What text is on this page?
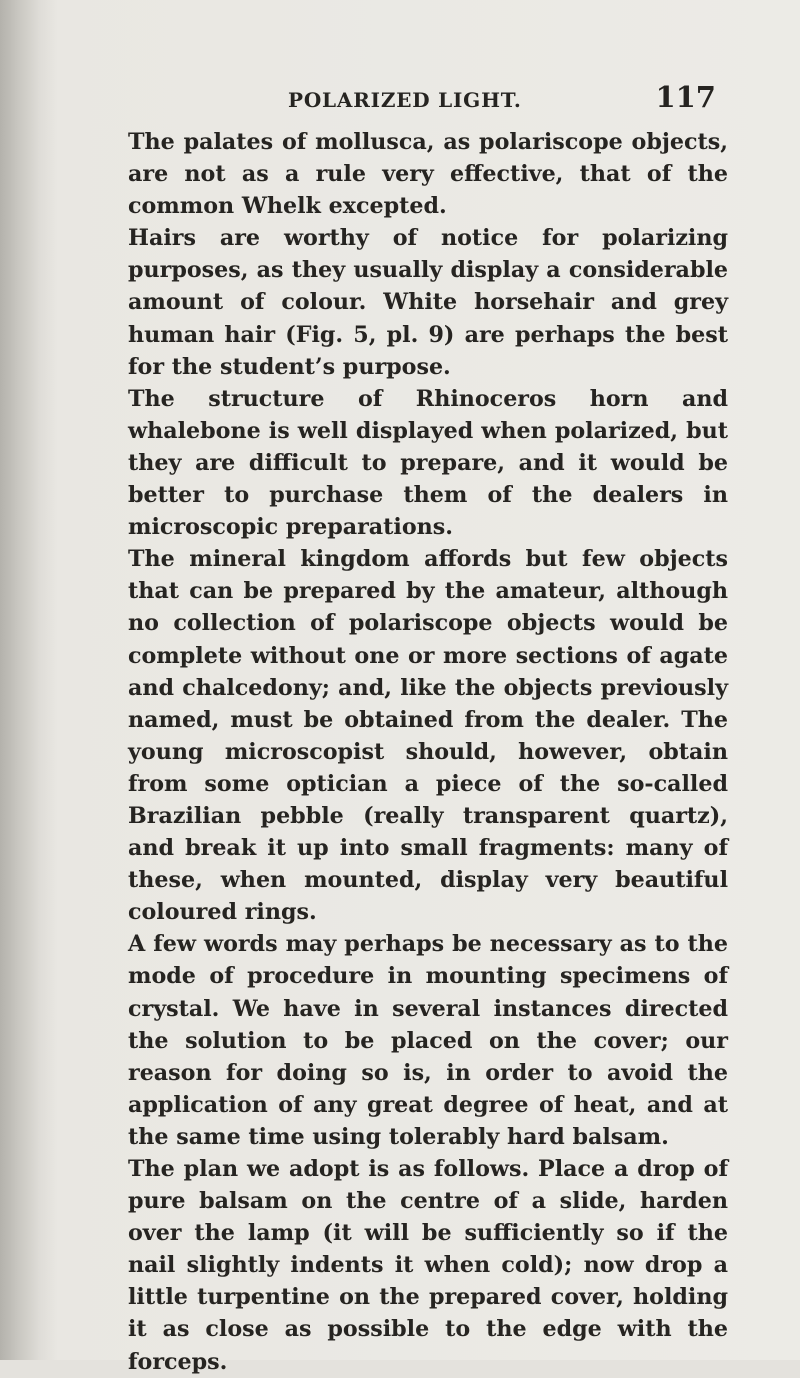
POLARIZED LIGHT.	117

The palates of mollusca, as polariscope objects, are not as a rule very effective, that of the common Whelk excepted.

Hairs are worthy of notice for polarizing purposes, as they usually display a considerable amount of colour. White horsehair and grey human hair (Fig. 5, pl. 9) are perhaps the best for the student’s purpose.

The structure of Rhinoceros horn and whalebone is well displayed when polarized, but they are difficult to prepare, and it would be better to purchase them of the dealers in microscopic preparations.

The mineral kingdom affords but few objects that can be prepared by the amateur, although no collection of polariscope objects would be complete without one or more sections of agate and chalcedony; and, like the objects previously named, must be obtained from the dealer. The young microscopist should, however, obtain from some optician a piece of the so-called Brazilian pebble (really transparent quartz), and break it up into small fragments: many of these, when mounted, display very beautiful coloured rings.

A few words may perhaps be necessary as to the mode of procedure in mounting specimens of crystal. We have in several instances directed the solution to be placed on the cover; our reason for doing so is, in order to avoid the application of any great degree of heat, and at the same time using tolerably hard balsam.

The plan we adopt is as follows. Place a drop of pure balsam on the centre of a slide, harden over the lamp (it will be sufficiently so if the nail slightly indents it when cold); now drop a little turpentine on the prepared cover, holding it as close as possible to the edge with the forceps.
